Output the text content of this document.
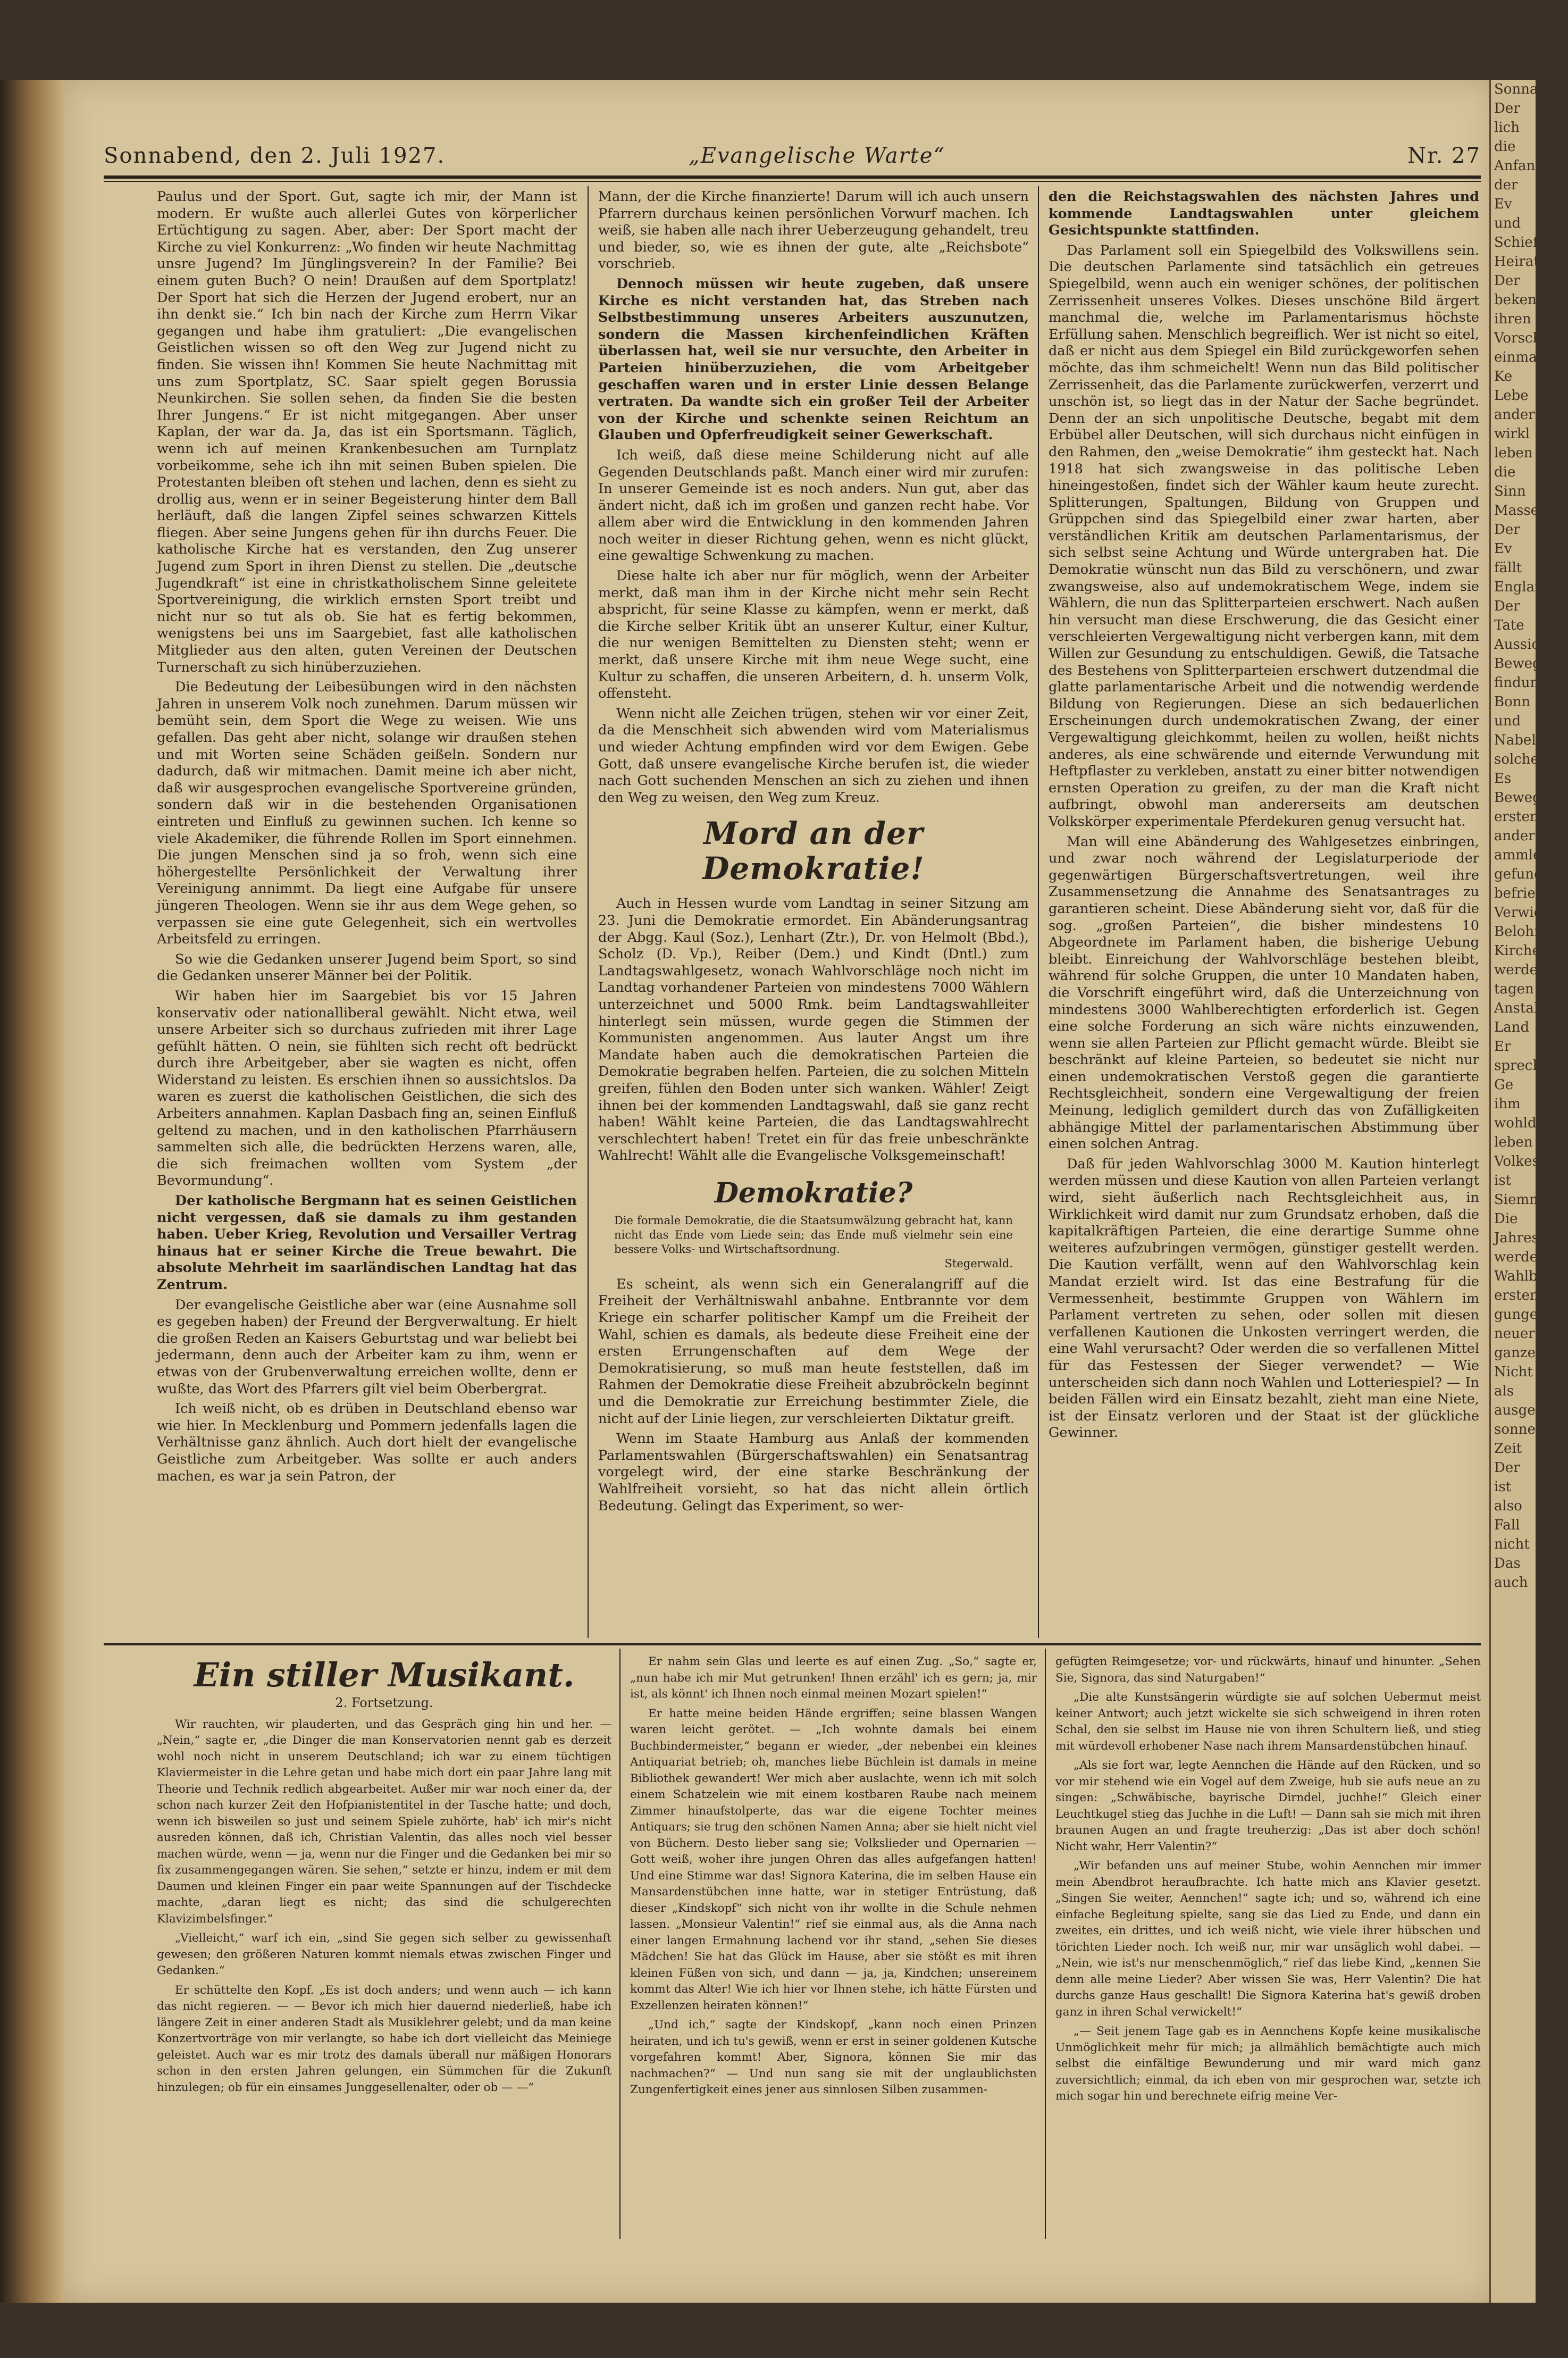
Sonna
Der
lich die
Anfang
der Ev
und
Schiefe
Heirat
Der
bekenn
ihren
Vorsch
einmal
Ke
Lebe
anders
wirkl
leben
die
Sinn
Masse
Der
Ev
fällt
England
Der
Tate
Aussicht
Bewegung
findung
Bonn
und
Nabeloß
solcher
Es
Bewegu
ersten
andere
ammle
gefunden
befrieden
Verwie
Belohnt
Kirche
werden
tagen
Anstalt
Land
Er
sprechen
Ge
ihm
wohlder
leben
Volkes
ist
Siemme
Die
Jahresf
werden
Wahlbe
ersten
gungen
neuere
ganzen
Nicht
als
ausgesp
sonne
Zeit
Der
ist
also
Fall
nicht
Das
auch
Sonnabend, den 2. Juli 1927.	„Evangelische Warte“	Nr. 27

Paulus und der Sport. Gut, sagte ich mir, der Mann ist modern. Er wußte auch allerlei Gutes von körperlicher Ertüchtigung zu sagen. Aber, aber: Der Sport macht der Kirche zu viel Konkurrenz: „Wo finden wir heute Nachmittag unsre Jugend? Im Jünglingsverein? In der Familie? Bei einem guten Buch? O nein! Draußen auf dem Sportplatz! Der Sport hat sich die Herzen der Jugend erobert, nur an ihn denkt sie.“ Ich bin nach der Kirche zum Herrn Vikar gegangen und habe ihm gratuliert: „Die evangelischen Geistlichen wissen so oft den Weg zur Jugend nicht zu finden. Sie wissen ihn! Kommen Sie heute Nachmittag mit uns zum Sportplatz, SC. Saar spielt gegen Borussia Neunkirchen. Sie sollen sehen, da finden Sie die besten Ihrer Jungens.“ Er ist nicht mitgegangen. Aber unser Kaplan, der war da. Ja, das ist ein Sportsmann. Täglich, wenn ich auf meinen Krankenbesuchen am Turnplatz vorbeikomme, sehe ich ihn mit seinen Buben spielen. Die Protestanten bleiben oft stehen und lachen, denn es sieht zu drollig aus, wenn er in seiner Begeisterung hinter dem Ball herläuft, daß die langen Zipfel seines schwarzen Kittels fliegen. Aber seine Jungens gehen für ihn durchs Feuer. Die katholische Kirche hat es verstanden, den Zug unserer Jugend zum Sport in ihren Dienst zu stellen. Die „deutsche Jugendkraft“ ist eine in christkatholischem Sinne geleitete Sportvereinigung, die wirklich ernsten Sport treibt und nicht nur so tut als ob. Sie hat es fertig bekommen, wenigstens bei uns im Saargebiet, fast alle katholischen Mitglieder aus den alten, guten Vereinen der Deutschen Turnerschaft zu sich hinüberzuziehen.

Die Bedeutung der Leibesübungen wird in den nächsten Jahren in unserem Volk noch zunehmen. Darum müssen wir bemüht sein, dem Sport die Wege zu weisen. Wie uns gefallen. Das geht aber nicht, solange wir draußen stehen und mit Worten seine Schäden geißeln. Sondern nur dadurch, daß wir mitmachen. Damit meine ich aber nicht, daß wir ausgesprochen evangelische Sportvereine gründen, sondern daß wir in die bestehenden Organisationen eintreten und Einfluß zu gewinnen suchen. Ich kenne so viele Akademiker, die führende Rollen im Sport einnehmen. Die jungen Menschen sind ja so froh, wenn sich eine höhergestellte Persönlichkeit der Verwaltung ihrer Vereinigung annimmt. Da liegt eine Aufgabe für unsere jüngeren Theologen. Wenn sie ihr aus dem Wege gehen, so verpassen sie eine gute Gelegenheit, sich ein wertvolles Arbeitsfeld zu erringen.

So wie die Gedanken unserer Jugend beim Sport, so sind die Gedanken unserer Männer bei der Politik.

Wir haben hier im Saargebiet bis vor 15 Jahren konservativ oder nationalliberal gewählt. Nicht etwa, weil unsere Arbeiter sich so durchaus zufrieden mit ihrer Lage gefühlt hätten. O nein, sie fühlten sich recht oft bedrückt durch ihre Arbeitgeber, aber sie wagten es nicht, offen Widerstand zu leisten. Es erschien ihnen so aussichtslos. Da waren es zuerst die katholischen Geistlichen, die sich des Arbeiters annahmen. Kaplan Dasbach fing an, seinen Einfluß geltend zu machen, und in den katholischen Pfarrhäusern sammelten sich alle, die bedrückten Herzens waren, alle, die sich freimachen wollten vom System „der Bevormundung“.

Der katholische Bergmann hat es seinen Geistlichen nicht vergessen, daß sie damals zu ihm gestanden haben. Ueber Krieg, Revolution und Versailler Vertrag hinaus hat er seiner Kirche die Treue bewahrt. Die absolute Mehrheit im saarländischen Landtag hat das Zentrum.

Der evangelische Geistliche aber war (eine Ausnahme soll es gegeben haben) der Freund der Bergverwaltung. Er hielt die großen Reden an Kaisers Geburtstag und war beliebt bei jedermann, denn auch der Arbeiter kam zu ihm, wenn er etwas von der Grubenverwaltung erreichen wollte, denn er wußte, das Wort des Pfarrers gilt viel beim Oberbergrat.

Ich weiß nicht, ob es drüben in Deutschland ebenso war wie hier. In Mecklenburg und Pommern jedenfalls lagen die Verhältnisse ganz ähnlich. Auch dort hielt der evangelische Geistliche zum Arbeitgeber. Was sollte er auch anders machen, es war ja sein Patron, der

Mann, der die Kirche finanzierte! Darum will ich auch unsern Pfarrern durchaus keinen persönlichen Vorwurf machen. Ich weiß, sie haben alle nach ihrer Ueberzeugung gehandelt, treu und bieder, so, wie es ihnen der gute, alte „Reichsbote“ vorschrieb.

Dennoch müssen wir heute zugeben, daß unsere Kirche es nicht verstanden hat, das Streben nach Selbstbestimmung unseres Arbeiters auszunutzen, sondern die Massen kirchenfeindlichen Kräften überlassen hat, weil sie nur versuchte, den Arbeiter in Parteien hinüberzuziehen, die vom Arbeitgeber geschaffen waren und in erster Linie dessen Belange vertraten. Da wandte sich ein großer Teil der Arbeiter von der Kirche und schenkte seinen Reichtum an Glauben und Opferfreudigkeit seiner Gewerkschaft.

Ich weiß, daß diese meine Schilderung nicht auf alle Gegenden Deutschlands paßt. Manch einer wird mir zurufen: In unserer Gemeinde ist es noch anders. Nun gut, aber das ändert nicht, daß ich im großen und ganzen recht habe. Vor allem aber wird die Entwicklung in den kommenden Jahren noch weiter in dieser Richtung gehen, wenn es nicht glückt, eine gewaltige Schwenkung zu machen.

Diese halte ich aber nur für möglich, wenn der Arbeiter merkt, daß man ihm in der Kirche nicht mehr sein Recht abspricht, für seine Klasse zu kämpfen, wenn er merkt, daß die Kirche selber Kritik übt an unserer Kultur, einer Kultur, die nur wenigen Bemittelten zu Diensten steht; wenn er merkt, daß unsere Kirche mit ihm neue Wege sucht, eine Kultur zu schaffen, die unseren Arbeitern, d. h. unserm Volk, offensteht.

Wenn nicht alle Zeichen trügen, stehen wir vor einer Zeit, da die Menschheit sich abwenden wird vom Materialismus und wieder Achtung empfinden wird vor dem Ewigen. Gebe Gott, daß unsere evangelische Kirche berufen ist, die wieder nach Gott suchenden Menschen an sich zu ziehen und ihnen den Weg zu weisen, den Weg zum Kreuz.

Mord an der Demokratie!

Auch in Hessen wurde vom Landtag in seiner Sitzung am 23. Juni die Demokratie ermordet. Ein Abänderungsantrag der Abgg. Kaul (Soz.), Lenhart (Ztr.), Dr. von Helmolt (Bbd.), Scholz (D. Vp.), Reiber (Dem.) und Kindt (Dntl.) zum Landtagswahlgesetz, wonach Wahlvorschläge noch nicht im Landtag vorhandener Parteien von mindestens 7000 Wählern unterzeichnet und 5000 Rmk. beim Landtagswahlleiter hinterlegt sein müssen, wurde gegen die Stimmen der Kommunisten angenommen. Aus lauter Angst um ihre Mandate haben auch die demokratischen Parteien die Demokratie begraben helfen. Parteien, die zu solchen Mitteln greifen, fühlen den Boden unter sich wanken. Wähler! Zeigt ihnen bei der kommenden Landtagswahl, daß sie ganz recht haben! Wählt keine Parteien, die das Landtagswahlrecht verschlechtert haben! Tretet ein für das freie unbeschränkte Wahlrecht! Wählt alle die Evangelische Volksgemeinschaft!

Demokratie?
Die formale Demokratie, die die Staatsumwälzung gebracht hat, kann nicht das Ende vom Liede sein; das Ende muß vielmehr sein eine bessere Volks- und Wirtschaftsordnung.
Stegerwald.

Es scheint, als wenn sich ein Generalangriff auf die Freiheit der Verhältniswahl anbahne. Entbrannte vor dem Kriege ein scharfer politischer Kampf um die Freiheit der Wahl, schien es damals, als bedeute diese Freiheit eine der ersten Errungenschaften auf dem Wege der Demokratisierung, so muß man heute feststellen, daß im Rahmen der Demokratie diese Freiheit abzubröckeln beginnt und die Demokratie zur Erreichung bestimmter Ziele, die nicht auf der Linie liegen, zur verschleierten Diktatur greift.

Wenn im Staate Hamburg aus Anlaß der kommenden Parlamentswahlen (Bürgerschaftswahlen) ein Senatsantrag vorgelegt wird, der eine starke Beschränkung der Wahlfreiheit vorsieht, so hat das nicht allein örtlich Bedeutung. Gelingt das Experiment, so wer-

den die Reichstagswahlen des nächsten Jahres und kommende Landtagswahlen unter gleichem Gesichtspunkte stattfinden.

Das Parlament soll ein Spiegelbild des Volkswillens sein. Die deutschen Parlamente sind tatsächlich ein getreues Spiegelbild, wenn auch ein weniger schönes, der politischen Zerrissenheit unseres Volkes. Dieses unschöne Bild ärgert manchmal die, welche im Parlamentarismus höchste Erfüllung sahen. Menschlich begreiflich. Wer ist nicht so eitel, daß er nicht aus dem Spiegel ein Bild zurückgeworfen sehen möchte, das ihm schmeichelt! Wenn nun das Bild politischer Zerrissenheit, das die Parlamente zurückwerfen, verzerrt und unschön ist, so liegt das in der Natur der Sache begründet. Denn der an sich unpolitische Deutsche, begabt mit dem Erbübel aller Deutschen, will sich durchaus nicht einfügen in den Rahmen, den „weise Demokratie“ ihm gesteckt hat. Nach 1918 hat sich zwangsweise in das politische Leben hineingestoßen, findet sich der Wähler kaum heute zurecht. Splitterungen, Spaltungen, Bildung von Gruppen und Grüppchen sind das Spiegelbild einer zwar harten, aber verständlichen Kritik am deutschen Parlamentarismus, der sich selbst seine Achtung und Würde untergraben hat. Die Demokratie wünscht nun das Bild zu verschönern, und zwar zwangsweise, also auf undemokratischem Wege, indem sie Wählern, die nun das Splitterparteien erschwert. Nach außen hin versucht man diese Erschwerung, die das Gesicht einer verschleierten Vergewaltigung nicht verbergen kann, mit dem Willen zur Gesundung zu entschuldigen. Gewiß, die Tatsache des Bestehens von Splitterparteien erschwert dutzendmal die glatte parlamentarische Arbeit und die notwendig werdende Bildung von Regierungen. Diese an sich bedauerlichen Erscheinungen durch undemokratischen Zwang, der einer Vergewaltigung gleichkommt, heilen zu wollen, heißt nichts anderes, als eine schwärende und eiternde Verwundung mit Heftpflaster zu verkleben, anstatt zu einer bitter notwendigen ernsten Operation zu greifen, zu der man die Kraft nicht aufbringt, obwohl man andererseits am deutschen Volkskörper experimentale Pferdekuren genug versucht hat.

Man will eine Abänderung des Wahlgesetzes einbringen, und zwar noch während der Legislaturperiode der gegenwärtigen Bürgerschaftsvertretungen, weil ihre Zusammensetzung die Annahme des Senatsantrages zu garantieren scheint. Diese Abänderung sieht vor, daß für die sog. „großen Parteien“, die bisher mindestens 10 Abgeordnete im Parlament haben, die bisherige Uebung bleibt. Einreichung der Wahlvorschläge bestehen bleibt, während für solche Gruppen, die unter 10 Mandaten haben, die Vorschrift eingeführt wird, daß die Unterzeichnung von mindestens 3000 Wahlberechtigten erforderlich ist. Gegen eine solche Forderung an sich wäre nichts einzuwenden, wenn sie allen Parteien zur Pflicht gemacht würde. Bleibt sie beschränkt auf kleine Parteien, so bedeutet sie nicht nur einen undemokratischen Verstoß gegen die garantierte Rechtsgleichheit, sondern eine Vergewaltigung der freien Meinung, lediglich gemildert durch das von Zufälligkeiten abhängige Mittel der parlamentarischen Abstimmung über einen solchen Antrag.

Daß für jeden Wahlvorschlag 3000 M. Kaution hinterlegt werden müssen und diese Kaution von allen Parteien verlangt wird, sieht äußerlich nach Rechtsgleichheit aus, in Wirklichkeit wird damit nur zum Grundsatz erhoben, daß die kapitalkräftigen Parteien, die eine derartige Summe ohne weiteres aufzubringen vermögen, günstiger gestellt werden. Die Kaution verfällt, wenn auf den Wahlvorschlag kein Mandat erzielt wird. Ist das eine Bestrafung für die Vermessenheit, bestimmte Gruppen von Wählern im Parlament vertreten zu sehen, oder sollen mit diesen verfallenen Kautionen die Unkosten verringert werden, die eine Wahl verursacht? Oder werden die so verfallenen Mittel für das Festessen der Sieger verwendet? — Wie unterscheiden sich dann noch Wahlen und Lotteriespiel? — In beiden Fällen wird ein Einsatz bezahlt, zieht man eine Niete, ist der Einsatz verloren und der Staat ist der glückliche Gewinner.

Ein stiller Musikant.
2. Fortsetzung.

Wir rauchten, wir plauderten, und das Gespräch ging hin und her. — „Nein,“ sagte er, „die Dinger die man Konservatorien nennt gab es derzeit wohl noch nicht in unserem Deutschland; ich war zu einem tüchtigen Klaviermeister in die Lehre getan und habe mich dort ein paar Jahre lang mit Theorie und Technik redlich abgearbeitet. Außer mir war noch einer da, der schon nach kurzer Zeit den Hofpianistentitel in der Tasche hatte; und doch, wenn ich bisweilen so just und seinem Spiele zuhörte, hab' ich mir's nicht ausreden können, daß ich, Christian Valentin, das alles noch viel besser machen würde, wenn — ja, wenn nur die Finger und die Gedanken bei mir so fix zusammengegangen wären. Sie sehen,“ setzte er hinzu, indem er mit dem Daumen und kleinen Finger ein paar weite Spannungen auf der Tischdecke machte, „daran liegt es nicht; das sind die schulgerechten Klavizimbelsfinger.“

„Vielleicht,“ warf ich ein, „sind Sie gegen sich selber zu gewissenhaft gewesen; den größeren Naturen kommt niemals etwas zwischen Finger und Gedanken.“

Er schüttelte den Kopf. „Es ist doch anders; und wenn auch — ich kann das nicht regieren. — — Bevor ich mich hier dauernd niederließ, habe ich längere Zeit in einer anderen Stadt als Musiklehrer gelebt; und da man keine Konzertvorträge von mir verlangte, so habe ich dort vielleicht das Meiniege geleistet. Auch war es mir trotz des damals überall nur mäßigen Honorars schon in den ersten Jahren gelungen, ein Sümmchen für die Zukunft hinzulegen; ob für ein einsames Junggesellenalter, oder ob — —“

Er nahm sein Glas und leerte es auf einen Zug. „So,“ sagte er, „nun habe ich mir Mut getrunken! Ihnen erzähl' ich es gern; ja, mir ist, als könnt' ich Ihnen noch einmal meinen Mozart spielen!“

Er hatte meine beiden Hände ergriffen; seine blassen Wangen waren leicht gerötet. — „Ich wohnte damals bei einem Buchbindermeister,“ begann er wieder, „der nebenbei ein kleines Antiquariat betrieb; oh, manches liebe Büchlein ist damals in meine Bibliothek gewandert! Wer mich aber auslachte, wenn ich mit solch einem Schatzelein wie mit einem kostbaren Raube nach meinem Zimmer hinaufstolperte, das war die eigene Tochter meines Antiquars; sie trug den schönen Namen Anna; aber sie hielt nicht viel von Büchern. Desto lieber sang sie; Volkslieder und Opernarien — Gott weiß, woher ihre jungen Ohren das alles aufgefangen hatten! Und eine Stimme war das! Signora Katerina, die im selben Hause ein Mansardenstübchen inne hatte, war in stetiger Entrüstung, daß dieser „Kindskopf“ sich nicht von ihr wollte in die Schule nehmen lassen. „Monsieur Valentin!“ rief sie einmal aus, als die Anna nach einer langen Ermahnung lachend vor ihr stand, „sehen Sie dieses Mädchen! Sie hat das Glück im Hause, aber sie stößt es mit ihren kleinen Füßen von sich, und dann — ja, ja, Kindchen; unsereinem kommt das Alter! Wie ich hier vor Ihnen stehe, ich hätte Fürsten und Exzellenzen heiraten können!“

„Und ich,“ sagte der Kindskopf, „kann noch einen Prinzen heiraten, und ich tu's gewiß, wenn er erst in seiner goldenen Kutsche vorgefahren kommt! Aber, Signora, können Sie mir das nachmachen?“ — Und nun sang sie mit der unglaublichsten Zungenfertigkeit eines jener aus sinnlosen Silben zusammen-

gefügten Reimgesetze; vor- und rückwärts, hinauf und hinunter. „Sehen Sie, Signora, das sind Naturgaben!“

„Die alte Kunstsängerin würdigte sie auf solchen Uebermut meist keiner Antwort; auch jetzt wickelte sie sich schweigend in ihren roten Schal, den sie selbst im Hause nie von ihren Schultern ließ, und stieg mit würdevoll erhobener Nase nach ihrem Mansardenstübchen hinauf.

„Als sie fort war, legte Aennchen die Hände auf den Rücken, und so vor mir stehend wie ein Vogel auf dem Zweige, hub sie aufs neue an zu singen: „Schwäbische, bayrische Dirndel, juchhe!“ Gleich einer Leuchtkugel stieg das Juchhe in die Luft! — Dann sah sie mich mit ihren braunen Augen an und fragte treuherzig: „Das ist aber doch schön! Nicht wahr, Herr Valentin?“

„Wir befanden uns auf meiner Stube, wohin Aennchen mir immer mein Abendbrot heraufbrachte. Ich hatte mich ans Klavier gesetzt. „Singen Sie weiter, Aennchen!“ sagte ich; und so, während ich eine einfache Begleitung spielte, sang sie das Lied zu Ende, und dann ein zweites, ein drittes, und ich weiß nicht, wie viele ihrer hübschen und törichten Lieder noch. Ich weiß nur, mir war unsäglich wohl dabei. — „Nein, wie ist's nur menschenmöglich,“ rief das liebe Kind, „kennen Sie denn alle meine Lieder? Aber wissen Sie was, Herr Valentin? Die hat durchs ganze Haus geschallt! Die Signora Katerina hat's gewiß droben ganz in ihren Schal verwickelt!“

„— Seit jenem Tage gab es in Aennchens Kopfe keine musikalische Unmöglichkeit mehr für mich; ja allmählich bemächtigte auch mich selbst die einfältige Bewunderung und mir ward mich ganz zuversichtlich; einmal, da ich eben von mir gesprochen war, setzte ich mich sogar hin und berechnete eifrig meine Ver-
